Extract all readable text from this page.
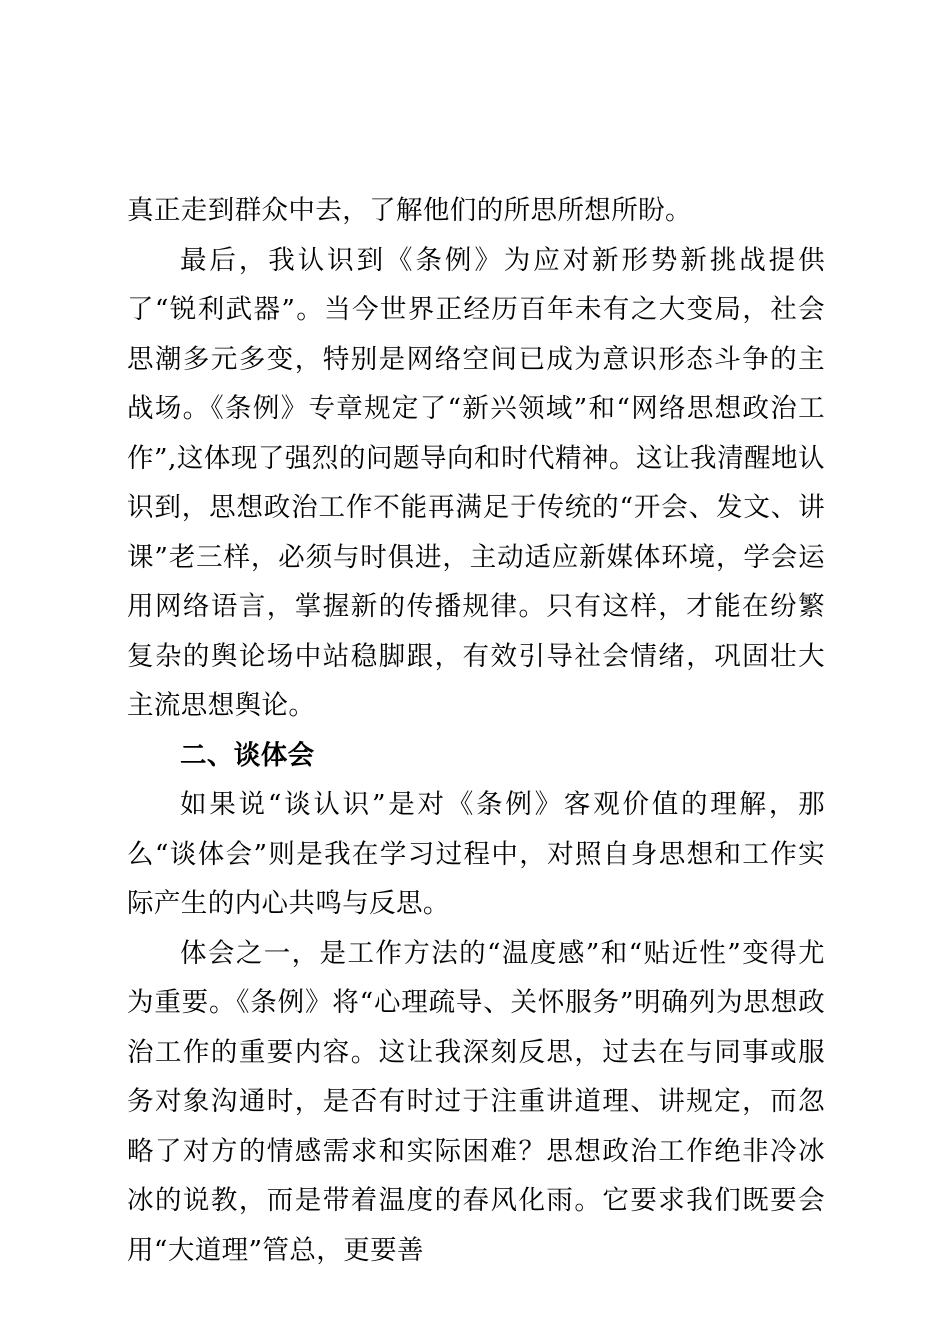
真正走到群众中去，了解他们的所思所想所盼。

最后，我认识到《条例》为应对新形势新挑战提供了“锐利武器”。当今世界正经历百年未有之大变局，社会思潮多元多变，特别是网络空间已成为意识形态斗争的主战场。《条例》专章规定了“新兴领域”和“网络思想政治工作”,这体现了强烈的问题导向和时代精神。这让我清醒地认识到，思想政治工作不能再满足于传统的“开会、发文、讲课”老三样，必须与时俱进，主动适应新媒体环境，学会运用网络语言，掌握新的传播规律。只有这样，才能在纷繁复杂的舆论场中站稳脚跟，有效引导社会情绪，巩固壮大主流思想舆论。

二、谈体会

如果说“谈认识”是对《条例》客观价值的理解，那么“谈体会”则是我在学习过程中，对照自身思想和工作实际产生的内心共鸣与反思。

体会之一，是工作方法的“温度感”和“贴近性”变得尤为重要。《条例》将“心理疏导、关怀服务”明确列为思想政治工作的重要内容。这让我深刻反思，过去在与同事或服务对象沟通时，是否有时过于注重讲道理、讲规定，而忽略了对方的情感需求和实际困难？思想政治工作绝非冷冰冰的说教，而是带着温度的春风化雨。它要求我们既要会用“大道理”管总，更要善
